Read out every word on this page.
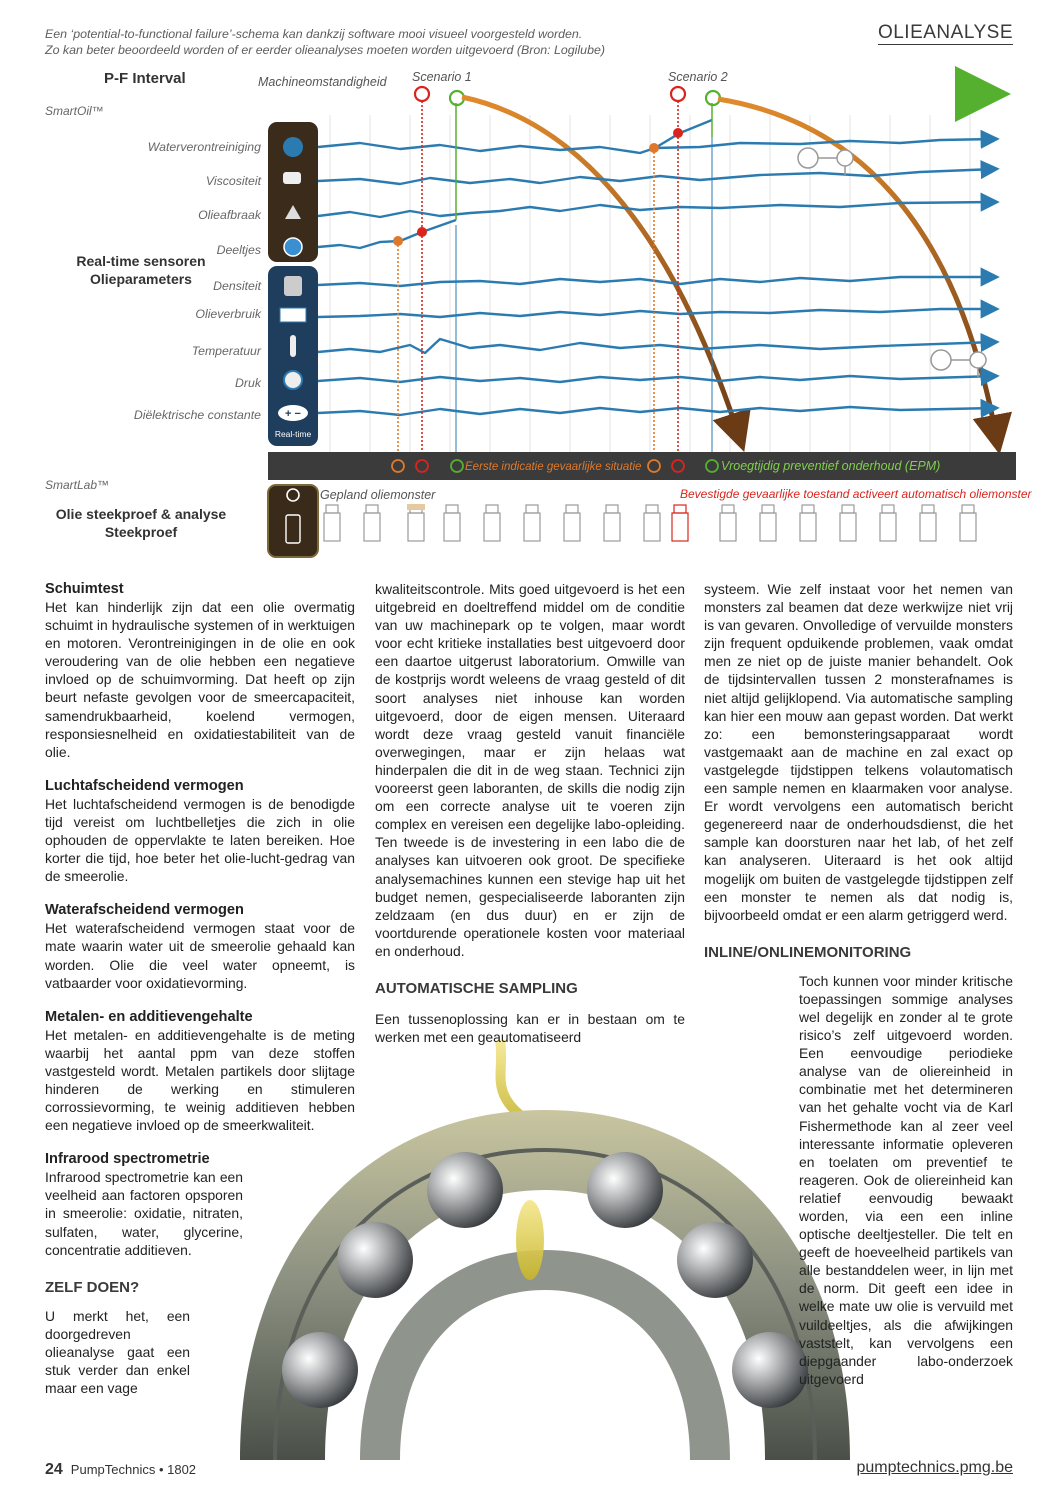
Een ‘potential-to-functional failure’-schema kan dankzij software mooi visueel voorgesteld worden.
Zo kan beter beoordeeld worden of er eerder olieanalyses moeten worden uitgevoerd (Bron: Logilube)
OLIEANALYSE
P-F Interval	Machineomstandigheid Scenario 1	Scenario 2
SmartOil™
Waterverontreiniging
Viscositeit
Olieafbraak
Deeltjes
Densiteit
Olieverbruik
Temperatuur
Druk
Diëlektrische constante
Real-time sensoren
Olieparameters
+ −
Real-time
Eerste indicatie gevaarlijke situatie	Vroegtijdig preventief onderhoud (EPM)
SmartLab™
Olie steekproef & analyse
Steekproef
Gepland oliemonster	Bevestigde gevaarlijke toestand activeert automatisch oliemonster
Schuimtest

Het kan hinderlijk zijn dat een olie overmatig schuimt in hydraulische systemen of in werktuigen en motoren. Verontreinigingen in de olie en ook veroudering van de olie hebben een negatieve invloed op de schuimvorming. Dat heeft op zijn beurt nefaste gevolgen voor de smeercapaciteit, samendrukbaarheid, koelend vermogen, responsiesnelheid en oxidatiestabiliteit van de olie.

Luchtafscheidend vermogen

Het luchtafscheidend vermogen is de benodigde tijd vereist om luchtbelletjes die zich in olie ophouden de oppervlakte te laten bereiken. Hoe korter die tijd, hoe beter het olie-lucht-gedrag van de smeerolie.

Waterafscheidend vermogen

Het waterafscheidend vermogen staat voor de mate waarin water uit de smeerolie gehaald kan worden. Olie die veel water opneemt, is vatbaarder voor oxidatievorming.

Metalen- en additievengehalte

Het metalen- en additievengehalte is de meting waarbij het aantal ppm van deze stoffen vastgesteld wordt. Metalen partikels door slijtage hinderen de werking en stimuleren corrossievorming, te weinig additieven hebben een negatieve invloed op de smeerkwaliteit.

Infrarood spectrometrie

Infrarood spectrometrie kan een veelheid aan factoren opsporen in smeerolie: oxidatie, nitraten, sulfaten, water, glycerine, concentratie additieven.

ZELF DOEN?

U merkt het, een doorgedreven olieanalyse gaat een stuk verder dan enkel maar een vage

kwaliteitscontrole. Mits goed uitgevoerd is het een uitgebreid en doeltreffend middel om de conditie van uw machinepark op te volgen, maar wordt voor echt kritieke installaties best uitgevoerd door een daartoe uitgerust laboratorium. Omwille van de kostprijs wordt weleens de vraag gesteld of dit soort analyses niet inhouse kan worden uitgevoerd, door de eigen mensen. Uiteraard wordt deze vraag gesteld vanuit financiële overwegingen, maar er zijn helaas wat hinderpalen die dit in de weg staan. Technici zijn vooreerst geen laboranten, de skills die nodig zijn om een correcte analyse uit te voeren zijn complex en vereisen een degelijke labo-opleiding. Ten tweede is de investering in een labo die de analyses kan uitvoeren ook groot. De specifieke analysemachines kunnen een stevige hap uit het budget nemen, gespecialiseerde laboranten zijn zeldzaam (en dus duur) en er zijn de voortdurende operationele kosten voor materiaal en onderhoud.

AUTOMATISCHE SAMPLING

Een tussenoplossing kan er in bestaan om te werken met een geautomatiseerd

systeem. Wie zelf instaat voor het nemen van monsters zal beamen dat deze werkwijze niet vrij is van gevaren. Onvolledige of vervuilde monsters zijn frequent opduikende problemen, vaak omdat men ze niet op de juiste manier behandelt. Ook de tijdsintervallen tussen 2 monsterafnames is niet altijd gelijklopend. Via automatische sampling kan hier een mouw aan gepast worden. Dat werkt zo: een bemonsteringsapparaat wordt vastgemaakt aan de machine en zal exact op vastgelegde tijdstippen telkens volautomatisch een sample nemen en klaarmaken voor analyse. Er wordt vervolgens een automatisch bericht gegenereerd naar de onderhoudsdienst, die het sample kan doorsturen naar het lab, of het zelf kan analyseren. Uiteraard is het ook altijd mogelijk om buiten de vastgelegde tijdstippen zelf een monster te nemen als dat nodig is, bijvoorbeeld omdat er een alarm getriggerd werd.

INLINE/ONLINEMONITORING

Toch kunnen voor minder kritische toepassingen sommige analyses wel degelijk en zonder al te grote risico’s zelf uitgevoerd worden. Een eenvoudige periodieke analyse van de oliereinheid in combinatie met het determineren van het gehalte vocht via de Karl Fishermethode kan al zeer veel interessante informatie opleveren en toelaten om preventief te reageren. Ook de oliereinheid kan relatief eenvoudig bewaakt worden, via een een inline optische deeltjesteller. Die telt en geeft de hoeveelheid partikels van alle bestanddelen weer, in lijn met de norm. Dit geeft een idee in welke mate uw olie is vervuild met vuildeeltjes, als die afwijkingen vaststelt, kan vervolgens een diepgaander labo-onderzoek uitgevoerd

24 PumpTechnics • 1802	pumptechnics.pmg.be
